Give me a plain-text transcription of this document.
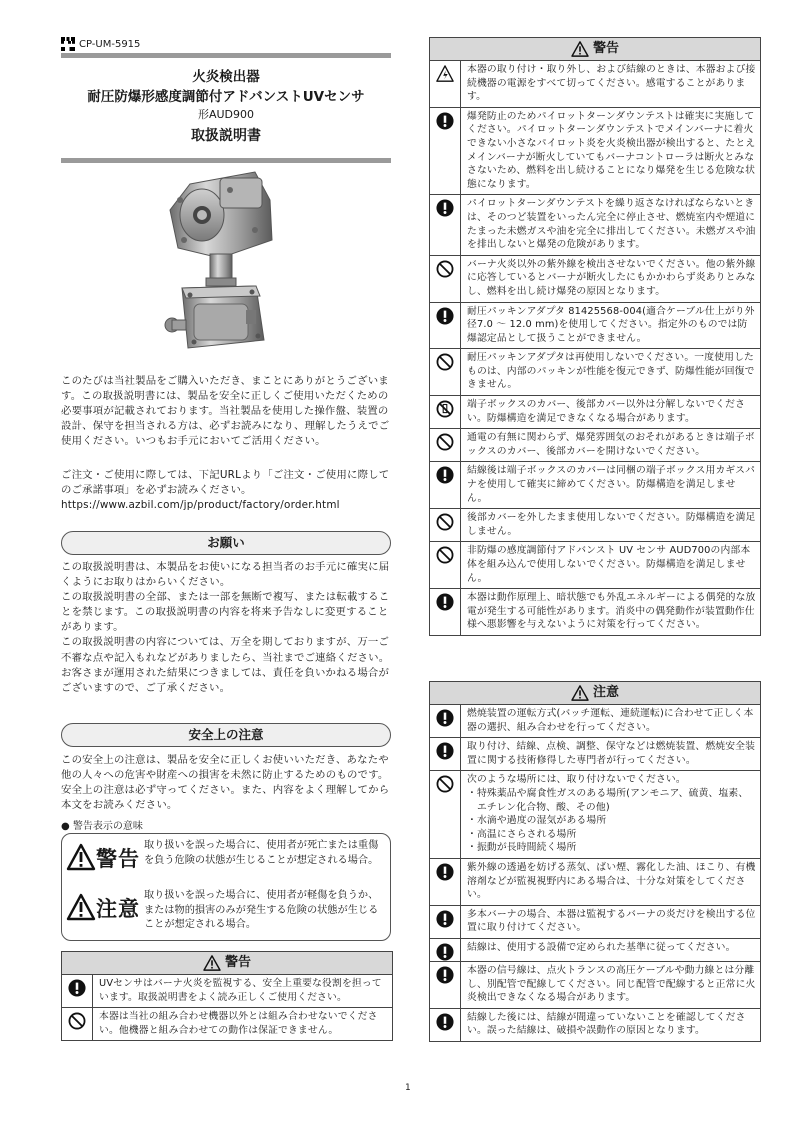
CP-UM-5915
火炎検出器
耐圧防爆形感度調節付アドバンストUVセンサ
形AUD900
取扱説明書
このたびは当社製品をご購入いただき、まことにありがとうございます。この取扱説明書には、製品を安全に正しくご使用いただくための必要事項が記載されております。当社製品を使用した操作盤、装置の設計、保守を担当される方は、必ずお読みになり、理解したうえでご使用ください。いつもお手元においてご活用ください。
ご注文・ご使用に際しては、下記URLより「ご注文・ご使用に際してのご承諾事項」を必ずお読みください。
https://www.azbil.com/jp/product/factory/order.html
お願い
この取扱説明書は、本製品をお使いになる担当者のお手元に確実に届くようにお取りはからいください。
この取扱説明書の全部、または一部を無断で複写、または転載することを禁じます。この取扱説明書の内容を将来予告なしに変更することがあります。
この取扱説明書の内容については、万全を期しておりますが、万一ご不審な点や記入もれなどがありましたら、当社までご連絡ください。
お客さまが運用された結果につきましては、責任を負いかねる場合がございますので、ご了承ください。
安全上の注意
この安全上の注意は、製品を安全に正しくお使いいただき、あなたや他の人々への危害や財産への損害を未然に防止するためのものです。安全上の注意は必ず守ってください。また、内容をよく理解してから本文をお読みください。
● 警告表示の意味
警告
取り扱いを誤った場合に、使用者が死亡または重傷を負う危険の状態が生じることが想定される場合。
注意
取り扱いを誤った場合に、使用者が軽傷を負うか、または物的損害のみが発生する危険の状態が生じることが想定される場合。
警告
UVセンサはバーナ火炎を監視する、安全上重要な役割を担っています。取扱説明書をよく読み正しくご使用ください。
本器は当社の組み合わせ機器以外とは組み合わせないでください。他機器と組み合わせての動作は保証できません。
警告
本器の取り付け・取り外し、および結線のときは、本器および接続機器の電源をすべて切ってください。感電することがあります。
爆発防止のためパイロットターンダウンテストは確実に実施してください。パイロットターンダウンテストでメインバーナに着火できない小さなパイロット炎を火炎検出器が検出すると、たとえメインバーナが断火していてもバーナコントローラは断火とみなさないため、燃料を出し続けることになり爆発を生じる危険な状態になります。
パイロットターンダウンテストを繰り返さなければならないときは、そのつど装置をいったん完全に停止させ、燃焼室内や煙道にたまった未燃ガスや油を完全に排出してください。未燃ガスや油を排出しないと爆発の危険があります。
バーナ火炎以外の紫外線を検出させないでください。他の紫外線に応答しているとバーナが断火したにもかかわらず炎ありとみなし、燃料を出し続け爆発の原因となります。
耐圧パッキンアダプタ 81425568-004(適合ケーブル仕上がり外径7.0 ～ 12.0 mm)を使用してください。指定外のものでは防爆認定品として扱うことができません。
耐圧パッキンアダプタは再使用しないでください。一度使用したものは、内部のパッキンが性能を復元できず、防爆性能が回復できません。
端子ボックスのカバー、後部カバー以外は分解しないでください。防爆構造を満足できなくなる場合があります。
通電の有無に関わらず、爆発雰囲気のおそれがあるときは端子ボックスのカバー、後部カバーを開けないでください。
結線後は端子ボックスのカバーは同梱の端子ボックス用カギスパナを使用して確実に締めてください。防爆構造を満足しません。
後部カバーを外したまま使用しないでください。防爆構造を満足しません。
非防爆の感度調節付アドバンスト UV センサ AUD700の内部本体を組み込んで使用しないでください。防爆構造を満足しません。
本器は動作原理上、暗状態でも外乱エネルギーによる偶発的な放電が発生する可能性があります。消炎中の偶発動作が装置動作仕様へ悪影響を与えないように対策を行ってください。
注意
燃焼装置の運転方式(バッチ運転、連続運転)に合わせて正しく本器の選択、組み合わせを行ってください。
取り付け、結線、点検、調整、保守などは燃焼装置、燃焼安全装置に関する技術修得した専門者が行ってください。
次のような場所には、取り付けないでください。
・ 特殊薬品や腐食性ガスのある場所(アンモニア、硫黄、塩素、エチレン化合物、酸、その他)
・ 水滴や過度の湿気がある場所
・ 高温にさらされる場所
・ 振動が長時間続く場所
紫外線の透過を妨げる蒸気、ばい煙、霧化した油、ほこり、有機溶剤などが監視視野内にある場合は、十分な対策をしてください。
多本バーナの場合、本器は監視するバーナの炎だけを検出する位置に取り付けてください。
結線は、使用する設備で定められた基準に従ってください。
本器の信号線は、点火トランスの高圧ケーブルや動力線とは分離し、別配管で配線してください。同じ配管で配線すると正常に火炎検出できなくなる場合があります。
結線した後には、結線が間違っていないことを確認してください。誤った結線は、破損や誤動作の原因となります。
1
